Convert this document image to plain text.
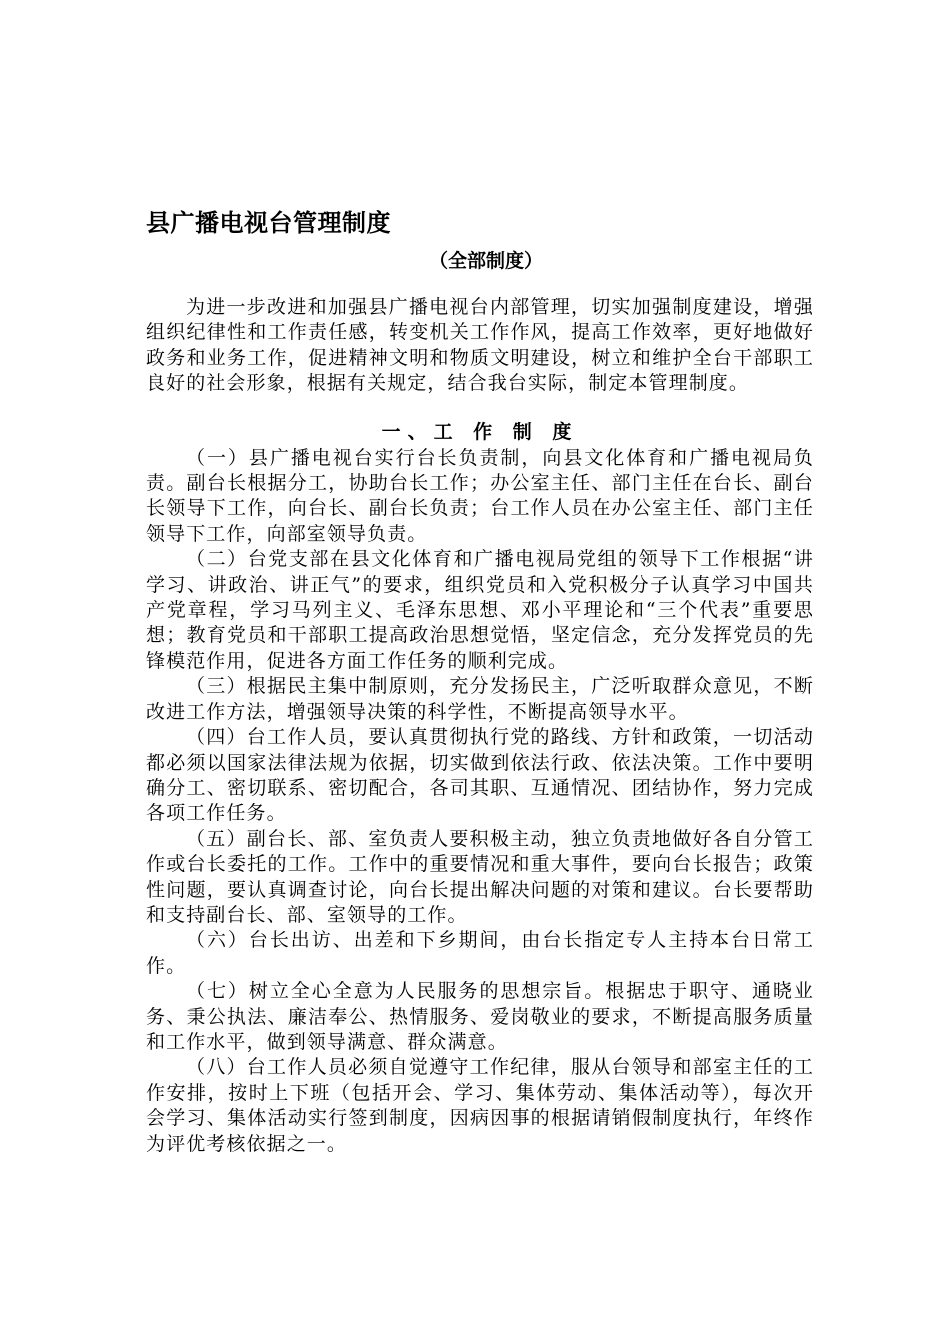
县广播电视台管理制度
（全部制度）

为进一步改进和加强县广播电视台内部管理，切实加强制度建设，增强组织纪律性和工作责任感，转变机关工作作风，提高工作效率，更好地做好政务和业务工作，促进精神文明和物质文明建设，树立和维护全台干部职工良好的社会形象，根据有关规定，结合我台实际，制定本管理制度。

一、工 作 制 度

（一）县广播电视台实行台长负责制，向县文化体育和广播电视局负责。副台长根据分工，协助台长工作；办公室主任、部门主任在台长、副台长领导下工作，向台长、副台长负责；台工作人员在办公室主任、部门主任领导下工作，向部室领导负责。

（二）台党支部在县文化体育和广播电视局党组的领导下工作根据“讲学习、讲政治、讲正气”的要求，组织党员和入党积极分子认真学习中国共产党章程，学习马列主义、毛泽东思想、邓小平理论和“三个代表”重要思想；教育党员和干部职工提高政治思想觉悟，坚定信念，充分发挥党员的先锋模范作用，促进各方面工作任务的顺利完成。

（三）根据民主集中制原则，充分发扬民主，广泛听取群众意见，不断改进工作方法，增强领导决策的科学性，不断提高领导水平。

（四）台工作人员，要认真贯彻执行党的路线、方针和政策，一切活动都必须以国家法律法规为依据，切实做到依法行政、依法决策。工作中要明确分工、密切联系、密切配合，各司其职、互通情况、团结协作，努力完成各项工作任务。

（五）副台长、部、室负责人要积极主动，独立负责地做好各自分管工作或台长委托的工作。工作中的重要情况和重大事件，要向台长报告；政策性问题，要认真调查讨论，向台长提出解决问题的对策和建议。台长要帮助和支持副台长、部、室领导的工作。

（六）台长出访、出差和下乡期间，由台长指定专人主持本台日常工作。

（七）树立全心全意为人民服务的思想宗旨。根据忠于职守、通晓业务、秉公执法、廉洁奉公、热情服务、爱岗敬业的要求，不断提高服务质量和工作水平，做到领导满意、群众满意。

（八）台工作人员必须自觉遵守工作纪律，服从台领导和部室主任的工作安排，按时上下班（包括开会、学习、集体劳动、集体活动等），每次开会学习、集体活动实行签到制度，因病因事的根据请销假制度执行，年终作为评优考核依据之一。
